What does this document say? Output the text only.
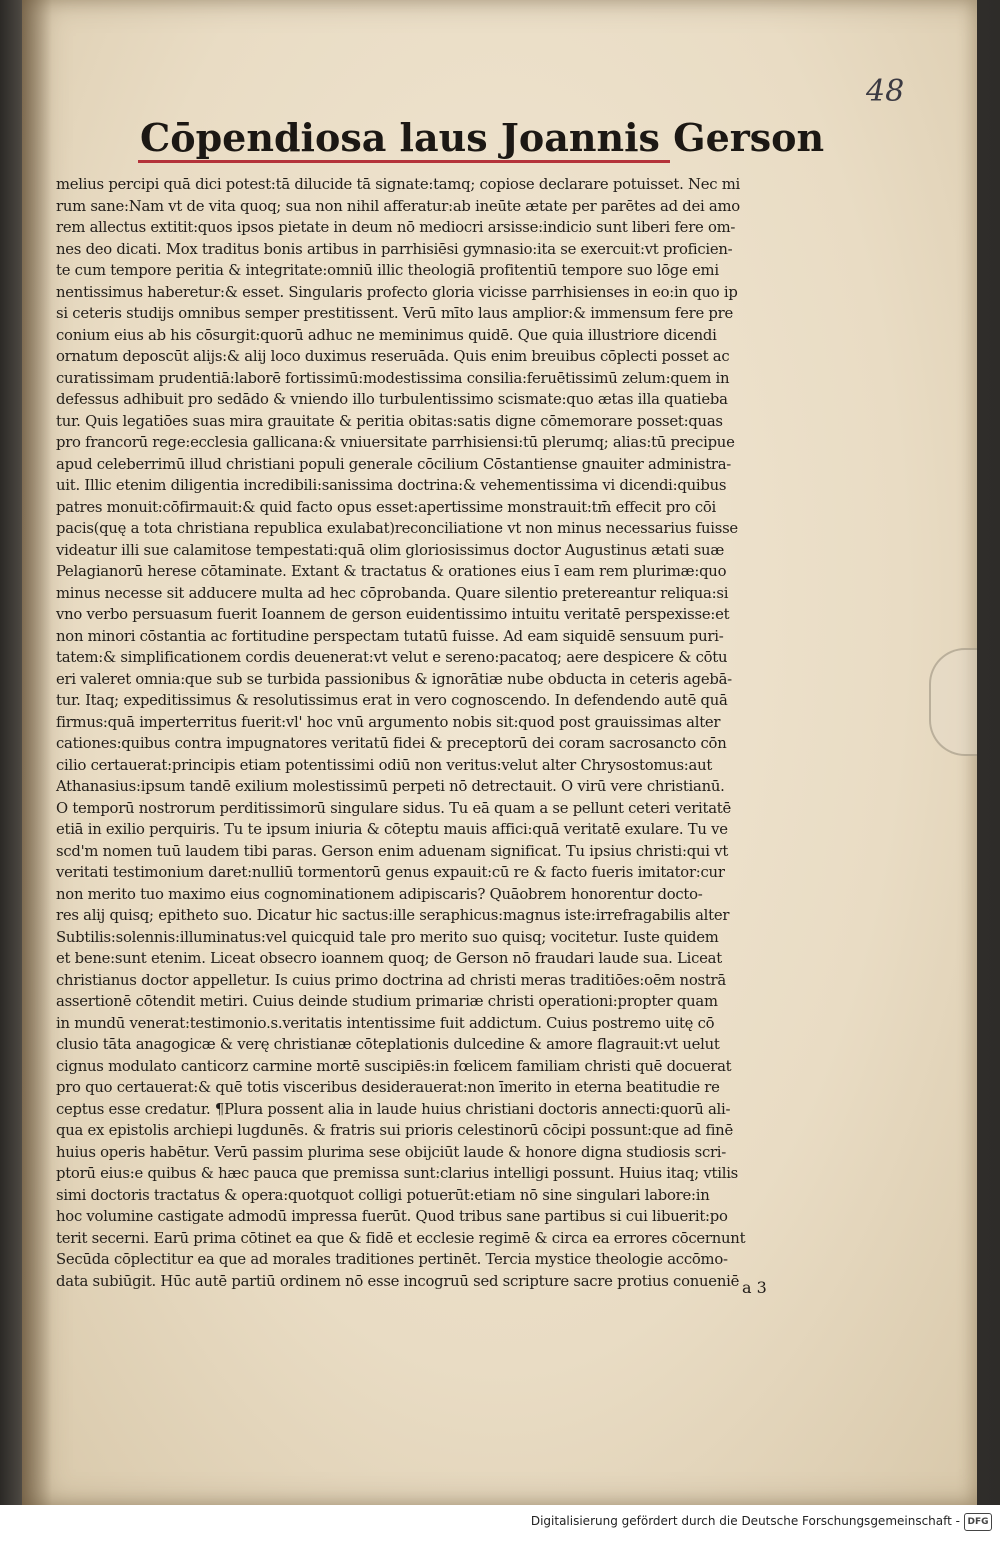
48
Cōpendiosa laus Joannis Gerson
melius percipi quā dici potest:tā dilucide tā signate:tamq; copiose declarare potuisset. Nec mi
rum sane:Nam vt de vita quoq; sua non nihil afferatur:ab ineūte ætate per parētes ad dei amo
rem allectus extitit:quos ipsos pietate in deum nō mediocri arsisse:indicio sunt liberi fere om-
nes deo dicati. Mox traditus bonis artibus in parrhisiēsi gymnasio:ita se exercuit:vt proficien-
te cum tempore peritia & integritate:omniū illic theologiā profitentiū tempore suo lōge emi
nentissimus haberetur:& esset. Singularis profecto gloria vicisse parrhisienses in eo:in quo ip
si ceteris studijs omnibus semper prestitissent. Verū mīto laus amplior:& immensum fere pre
conium eius ab his cōsurgit:quorū adhuc ne meminimus quidē. Que quia illustriore dicendi
ornatum deposcūt alijs:& alij loco duximus reseruāda. Quis enim breuibus cōplecti posset ac
curatissimam prudentiā:laborē fortissimū:modestissima consilia:feruētissimū zelum:quem in
defessus adhibuit pro sedādo & vniendo illo turbulentissimo scismate:quo ætas illa quatieba
tur. Quis legatiōes suas mira grauitate & peritia obitas:satis digne cōmemorare posset:quas
pro francorū rege:ecclesia gallicana:& vniuersitate parrhisiensi:tū plerumq; alias:tū precipue
apud celeberrimū illud christiani populi generale cōcilium Cōstantiense gnauiter administra-
uit. Illic etenim diligentia incredibili:sanissima doctrina:& vehementissima vi dicendi:quibus
patres monuit:cōfirmauit:& quid facto opus esset:apertissime monstrauit:tm̄ effecit pro cōi
pacis(quę a tota christiana republica exulabat)reconciliatione vt non minus necessarius fuisse
videatur illi sue calamitose tempestati:quā olim gloriosissimus doctor Augustinus ætati suæ
Pelagianorū herese cōtaminate. Extant & tractatus & orationes eius ī eam rem plurimæ:quo
minus necesse sit adducere multa ad hec cōprobanda. Quare silentio pretereantur reliqua:si
vno verbo persuasum fuerit Ioannem de gerson euidentissimo intuitu veritatē perspexisse:et
non minori cōstantia ac fortitudine perspectam tutatū fuisse. Ad eam siquidē sensuum puri-
tatem:& simplificationem cordis deuenerat:vt velut e sereno:pacatoq; aere despicere & cōtu
eri valeret omnia:que sub se turbida passionibus & ignorātiæ nube obducta in ceteris agebā-
tur. Itaq; expeditissimus & resolutissimus erat in vero cognoscendo. In defendendo autē quā
firmus:quā imperterritus fuerit:vl' hoc vnū argumento nobis sit:quod post grauissimas alter
cationes:quibus contra impugnatores veritatū fidei & preceptorū dei coram sacrosancto cōn
cilio certauerat:principis etiam potentissimi odiū non veritus:velut alter Chrysostomus:aut
Athanasius:ipsum tandē exilium molestissimū perpeti nō detrectauit. O virū vere christianū.
O temporū nostrorum perditissimorū singulare sidus. Tu eā quam a se pellunt ceteri veritatē
etiā in exilio perquiris. Tu te ipsum iniuria & cōteptu mauis affici:quā veritatē exulare. Tu ve
scd'm nomen tuū laudem tibi paras. Gerson enim aduenam significat. Tu ipsius christi:qui vt
veritati testimonium daret:nulliū tormentorū genus expauit:cū re & facto fueris imitator:cur
non merito tuo maximo eius cognominationem adipiscaris? Quāobrem honorentur docto-
res alij quisq; epitheto suo. Dicatur hic sactus:ille seraphicus:magnus iste:irrefragabilis alter
Subtilis:solennis:illuminatus:vel quicquid tale pro merito suo quisq; vocitetur. Iuste quidem
et bene:sunt etenim. Liceat obsecro ioannem quoq; de Gerson nō fraudari laude sua. Liceat
christianus doctor appelletur. Is cuius primo doctrina ad christi meras traditiōes:oēm nostrā
assertionē cōtendit metiri. Cuius deinde studium primariæ christi operationi:propter quam
in mundū venerat:testimonio.s.veritatis intentissime fuit addictum. Cuius postremo uitę cō
clusio tāta anagogicæ & verę christianæ cōteplationis dulcedine & amore flagrauit:vt uelut
cignus modulato canticorz carmine mortē suscipiēs:in fœlicem familiam christi quē docuerat
pro quo certauerat:& quē totis visceribus desiderauerat:non īmerito in eterna beatitudie re
ceptus esse credatur. ¶Plura possent alia in laude huius christiani doctoris annecti:quorū ali-
qua ex epistolis archiepi lugdunēs. & fratris sui prioris celestinorū cōcipi possunt:que ad finē
huius operis habētur. Verū passim plurima sese obijciūt laude & honore digna studiosis scri-
ptorū eius:e quibus & hæc pauca que premissa sunt:clarius intelligi possunt. Huius itaq; vtilis
simi doctoris tractatus & opera:quotquot colligi potuerūt:etiam nō sine singulari labore:in
hoc volumine castigate admodū impressa fuerūt. Quod tribus sane partibus si cui libuerit:po
terit secerni. Earū prima cōtinet ea que & fidē et ecclesie regimē & circa ea errores cōcernunt
Secūda cōplectitur ea que ad morales traditiones pertinēt. Tercia mystice theologie accōmo-
data subiūgit. Hūc autē partiū ordinem nō esse incogruū sed scripture sacre protius conueniē a 3
Digitalisierung gefördert durch die Deutsche Forschungsgemeinschaft - DFG
